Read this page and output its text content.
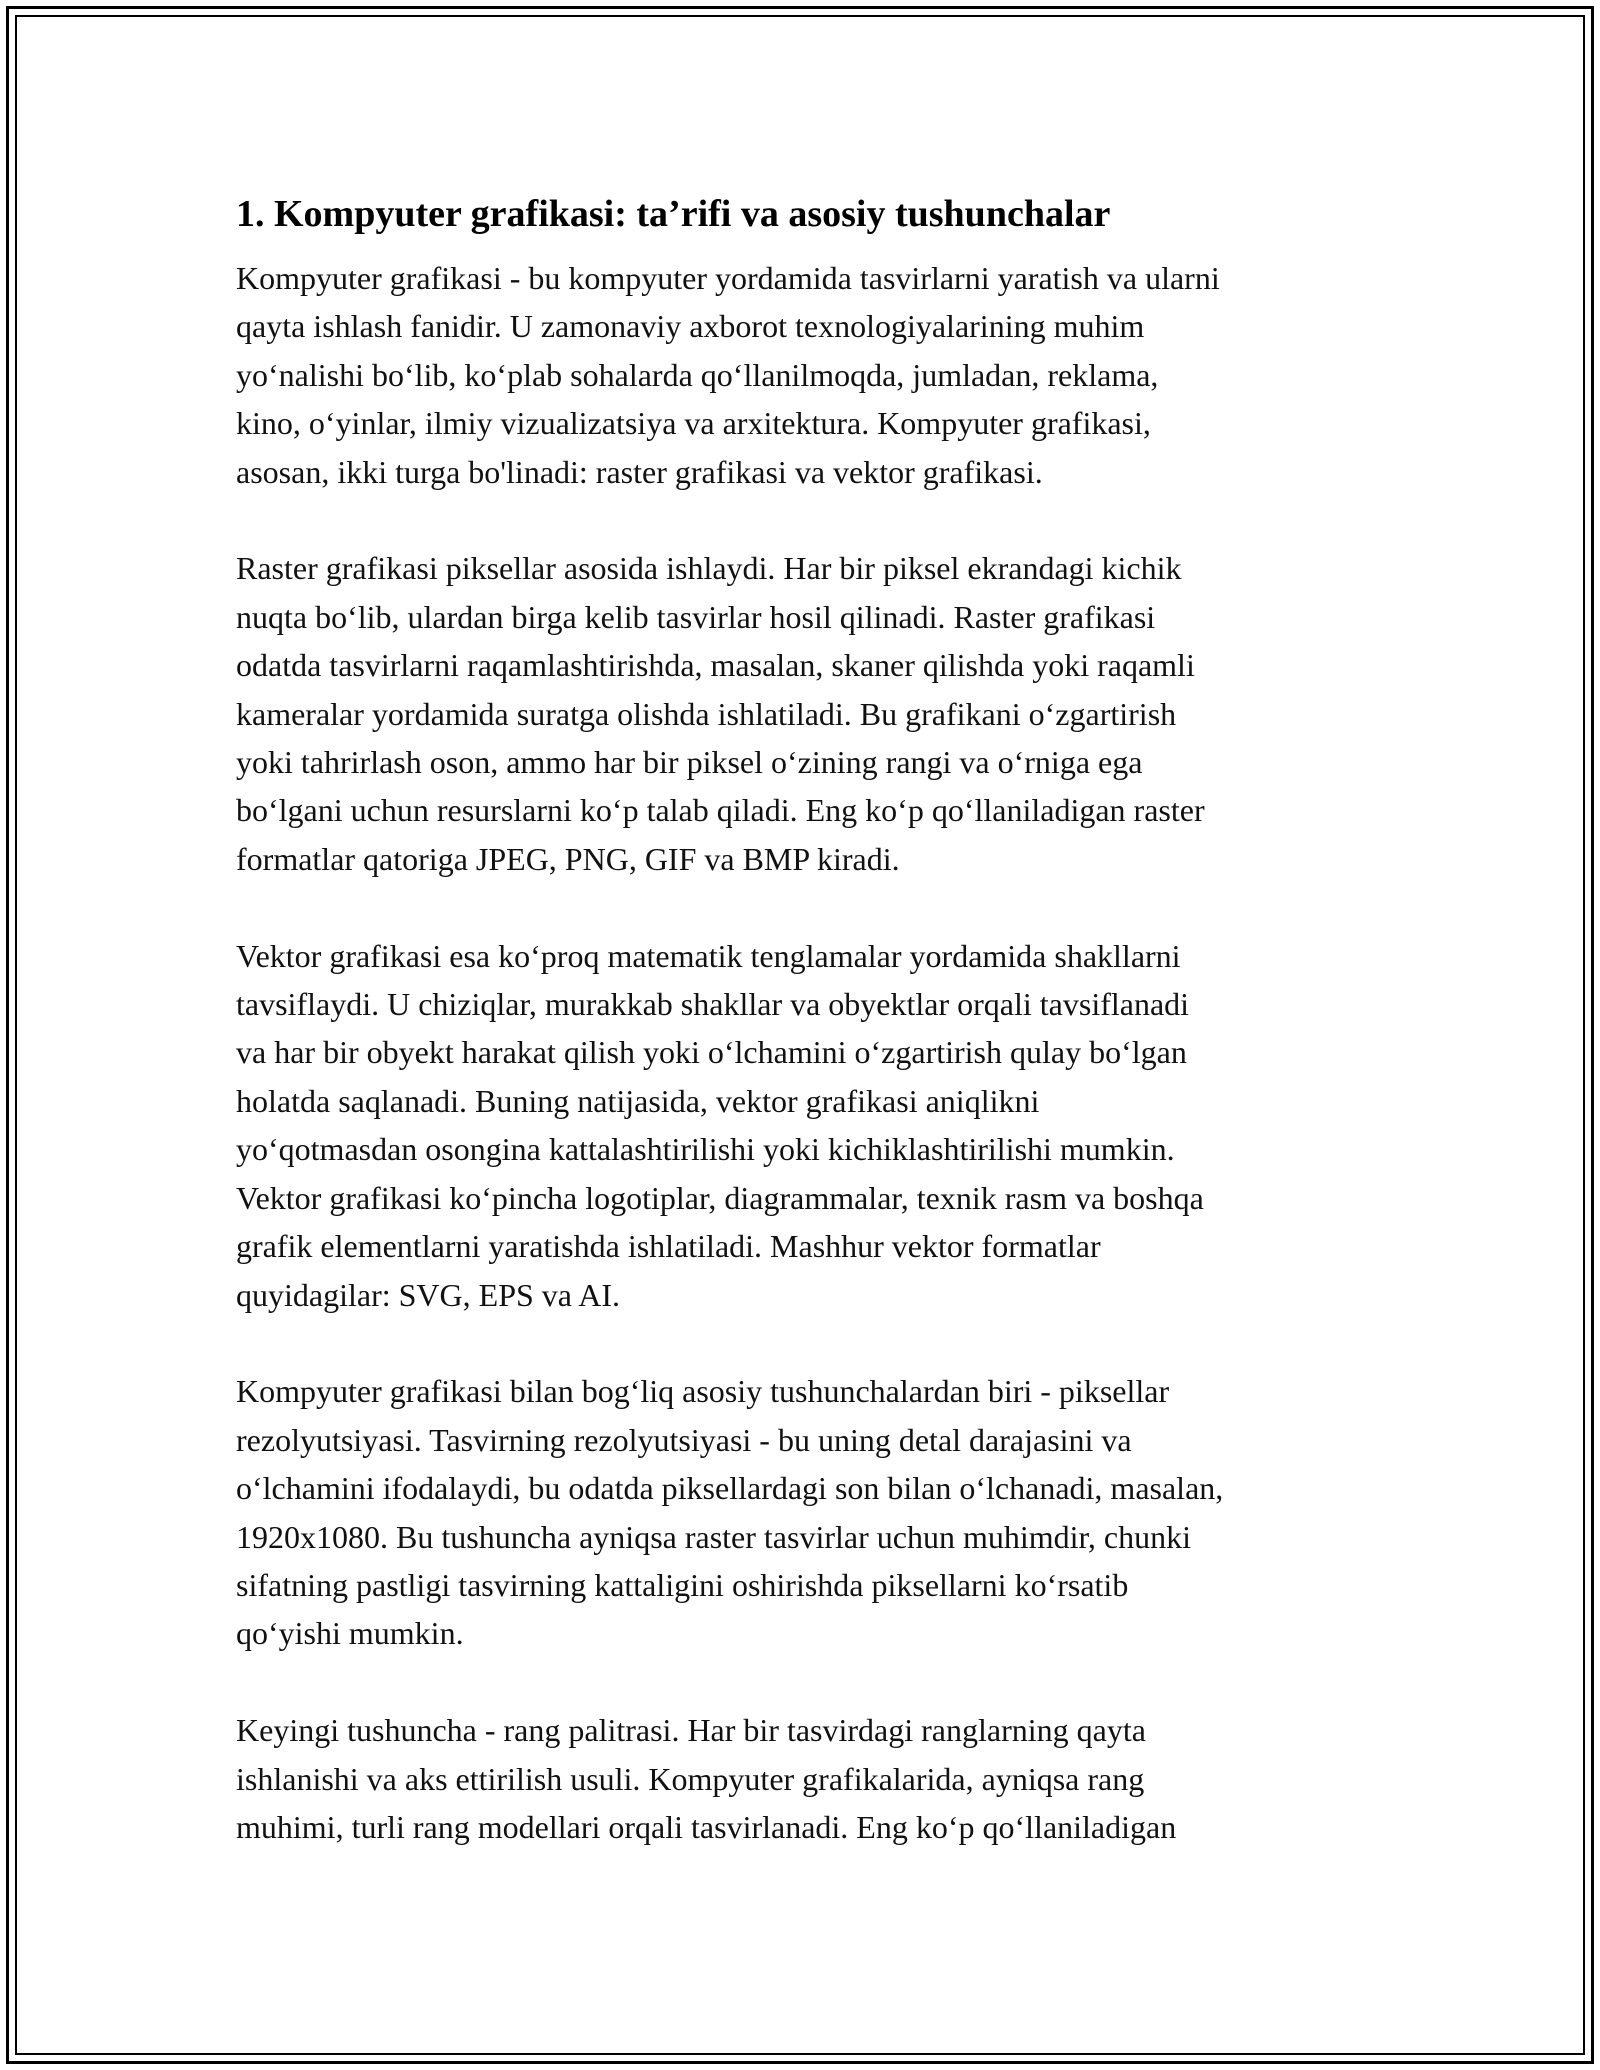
1. Kompyuter grafikasi: ta’rifi va asosiy tushunchalar
Kompyuter grafikasi - bu kompyuter yordamida tasvirlarni yaratish va ularni
qayta ishlash fanidir. U zamonaviy axborot texnologiyalarining muhim
yo‘nalishi bo‘lib, ko‘plab sohalarda qo‘llanilmoqda, jumladan, reklama,
kino, o‘yinlar, ilmiy vizualizatsiya va arxitektura. Kompyuter grafikasi,
asosan, ikki turga bo'linadi: raster grafikasi va vektor grafikasi.
Raster grafikasi piksellar asosida ishlaydi. Har bir piksel ekrandagi kichik
nuqta bo‘lib, ulardan birga kelib tasvirlar hosil qilinadi. Raster grafikasi
odatda tasvirlarni raqamlashtirishda, masalan, skaner qilishda yoki raqamli
kameralar yordamida suratga olishda ishlatiladi. Bu grafikani o‘zgartirish
yoki tahrirlash oson, ammo har bir piksel o‘zining rangi va o‘rniga ega
bo‘lgani uchun resurslarni ko‘p talab qiladi. Eng ko‘p qo‘llaniladigan raster
formatlar qatoriga JPEG, PNG, GIF va BMP kiradi.
Vektor grafikasi esa ko‘proq matematik tenglamalar yordamida shakllarni
tavsiflaydi. U chiziqlar, murakkab shakllar va obyektlar orqali tavsiflanadi
va har bir obyekt harakat qilish yoki o‘lchamini o‘zgartirish qulay bo‘lgan
holatda saqlanadi. Buning natijasida, vektor grafikasi aniqlikni
yo‘qotmasdan osongina kattalashtirilishi yoki kichiklashtirilishi mumkin.
Vektor grafikasi ko‘pincha logotiplar, diagrammalar, texnik rasm va boshqa
grafik elementlarni yaratishda ishlatiladi. Mashhur vektor formatlar
quyidagilar: SVG, EPS va AI.
Kompyuter grafikasi bilan bog‘liq asosiy tushunchalardan biri - piksellar
rezolyutsiyasi. Tasvirning rezolyutsiyasi - bu uning detal darajasini va
o‘lchamini ifodalaydi, bu odatda piksellardagi son bilan o‘lchanadi, masalan,
1920x1080. Bu tushuncha ayniqsa raster tasvirlar uchun muhimdir, chunki
sifatning pastligi tasvirning kattaligini oshirishda piksellarni ko‘rsatib
qo‘yishi mumkin.
Keyingi tushuncha - rang palitrasi. Har bir tasvirdagi ranglarning qayta
ishlanishi va aks ettirilish usuli. Kompyuter grafikalarida, ayniqsa rang
muhimi, turli rang modellari orqali tasvirlanadi. Eng ko‘p qo‘llaniladigan
